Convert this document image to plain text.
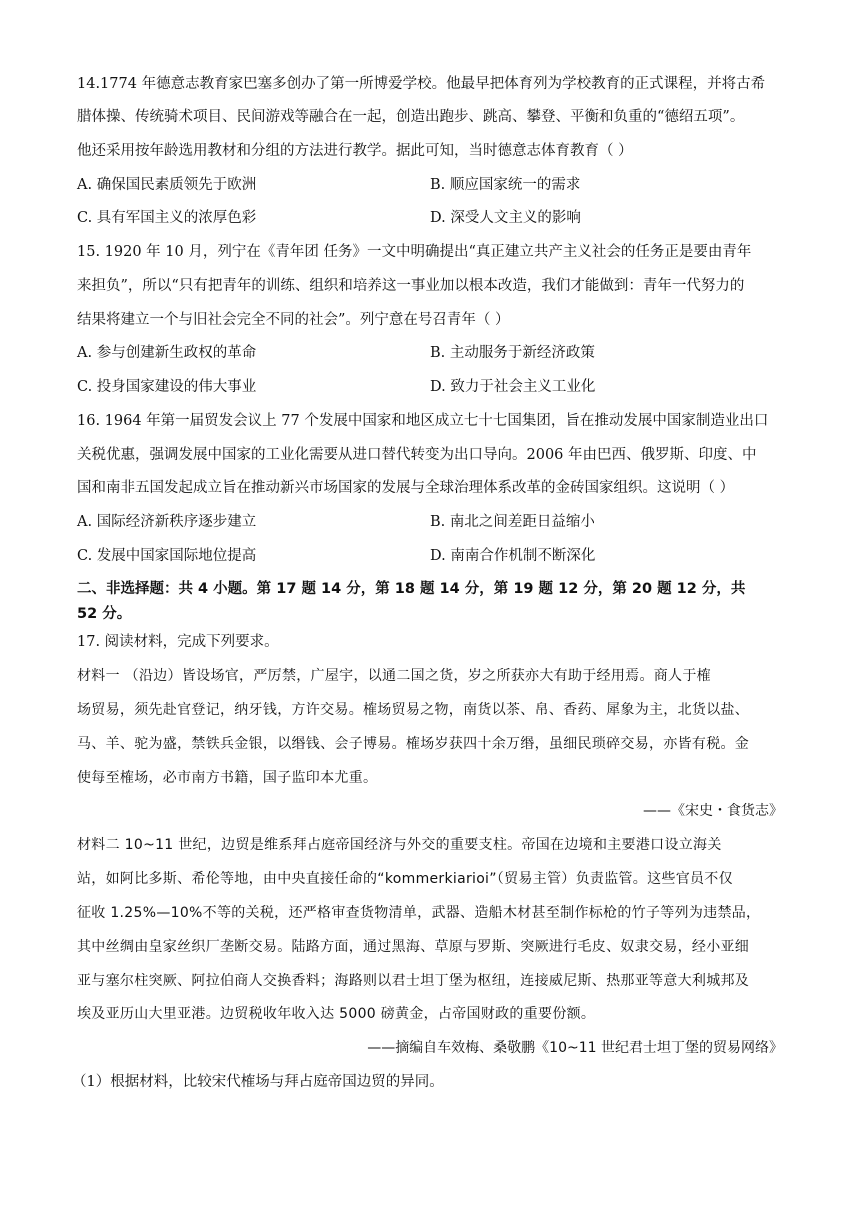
14.1774 年德意志教育家巴塞多创办了第一所博爱学校。他最早把体育列为学校教育的正式课程，并将古希
腊体操、传统骑术项目、民间游戏等融合在一起，创造出跑步、跳高、攀登、平衡和负重的“德绍五项”。
他还采用按年龄选用教材和分组的方法进行教学。据此可知，当时德意志体育教育（ ）
A. 确保国民素质领先于欧洲	B. 顺应国家统一的需求
C. 具有军国主义的浓厚色彩	D. 深受人文主义的影响
15. 1920 年 10 月，列宁在《青年团 任务》一文中明确提出“真正建立共产主义社会的任务正是要由青年
来担负”，所以“只有把青年的训练、组织和培养这一事业加以根本改造，我们才能做到：青年一代努力的
结果将建立一个与旧社会完全不同的社会”。列宁意在号召青年（ ）
A. 参与创建新生政权的革命	B. 主动服务于新经济政策
C. 投身国家建设的伟大事业	D. 致力于社会主义工业化
16. 1964 年第一届贸发会议上 77 个发展中国家和地区成立七十七国集团，旨在推动发展中国家制造业出口
关税优惠，强调发展中国家的工业化需要从进口替代转变为出口导向。2006 年由巴西、俄罗斯、印度、中
国和南非五国发起成立旨在推动新兴市场国家的发展与全球治理体系改革的金砖国家组织。这说明（ ）
A. 国际经济新秩序逐步建立	B. 南北之间差距日益缩小
C. 发展中国家国际地位提高	D. 南南合作机制不断深化
二、非选择题：共 4 小题。第 17 题 14 分，第 18 题 14 分，第 19 题 12 分，第 20 题 12 分，共
52 分。
17. 阅读材料，完成下列要求。
材料一 （沿边）皆设场官，严厉禁，广屋宇，以通二国之货，岁之所获亦大有助于经用焉。商人于榷
场贸易，须先赴官登记，纳牙钱，方许交易。榷场贸易之物，南货以茶、帛、香药、犀象为主，北货以盐、
马、羊、驼为盛，禁铁兵金银，以缗钱、会子博易。榷场岁获四十余万缗，虽细民琐碎交易，亦皆有税。金
使每至榷场，必市南方书籍，国子监印本尤重。
——《宋史・食货志》
材料二 10~11 世纪，边贸是维系拜占庭帝国经济与外交的重要支柱。帝国在边境和主要港口设立海关
站，如阿比多斯、希伦等地，由中央直接任命的“kommerkiarioi”（贸易主管）负责监管。这些官员不仅
征收 1.25%—10%不等的关税，还严格审查货物清单，武器、造船木材甚至制作标枪的竹子等列为违禁品，
其中丝绸由皇家丝织厂垄断交易。陆路方面，通过黑海、草原与罗斯、突厥进行毛皮、奴隶交易，经小亚细
亚与塞尔柱突厥、阿拉伯商人交换香料；海路则以君士坦丁堡为枢纽，连接威尼斯、热那亚等意大利城邦及
埃及亚历山大里亚港。边贸税收年收入达 5000 磅黄金，占帝国财政的重要份额。
——摘编自车效梅、桑敬鹏《10~11 世纪君士坦丁堡的贸易网络》
（1）根据材料，比较宋代榷场与拜占庭帝国边贸的异同。
